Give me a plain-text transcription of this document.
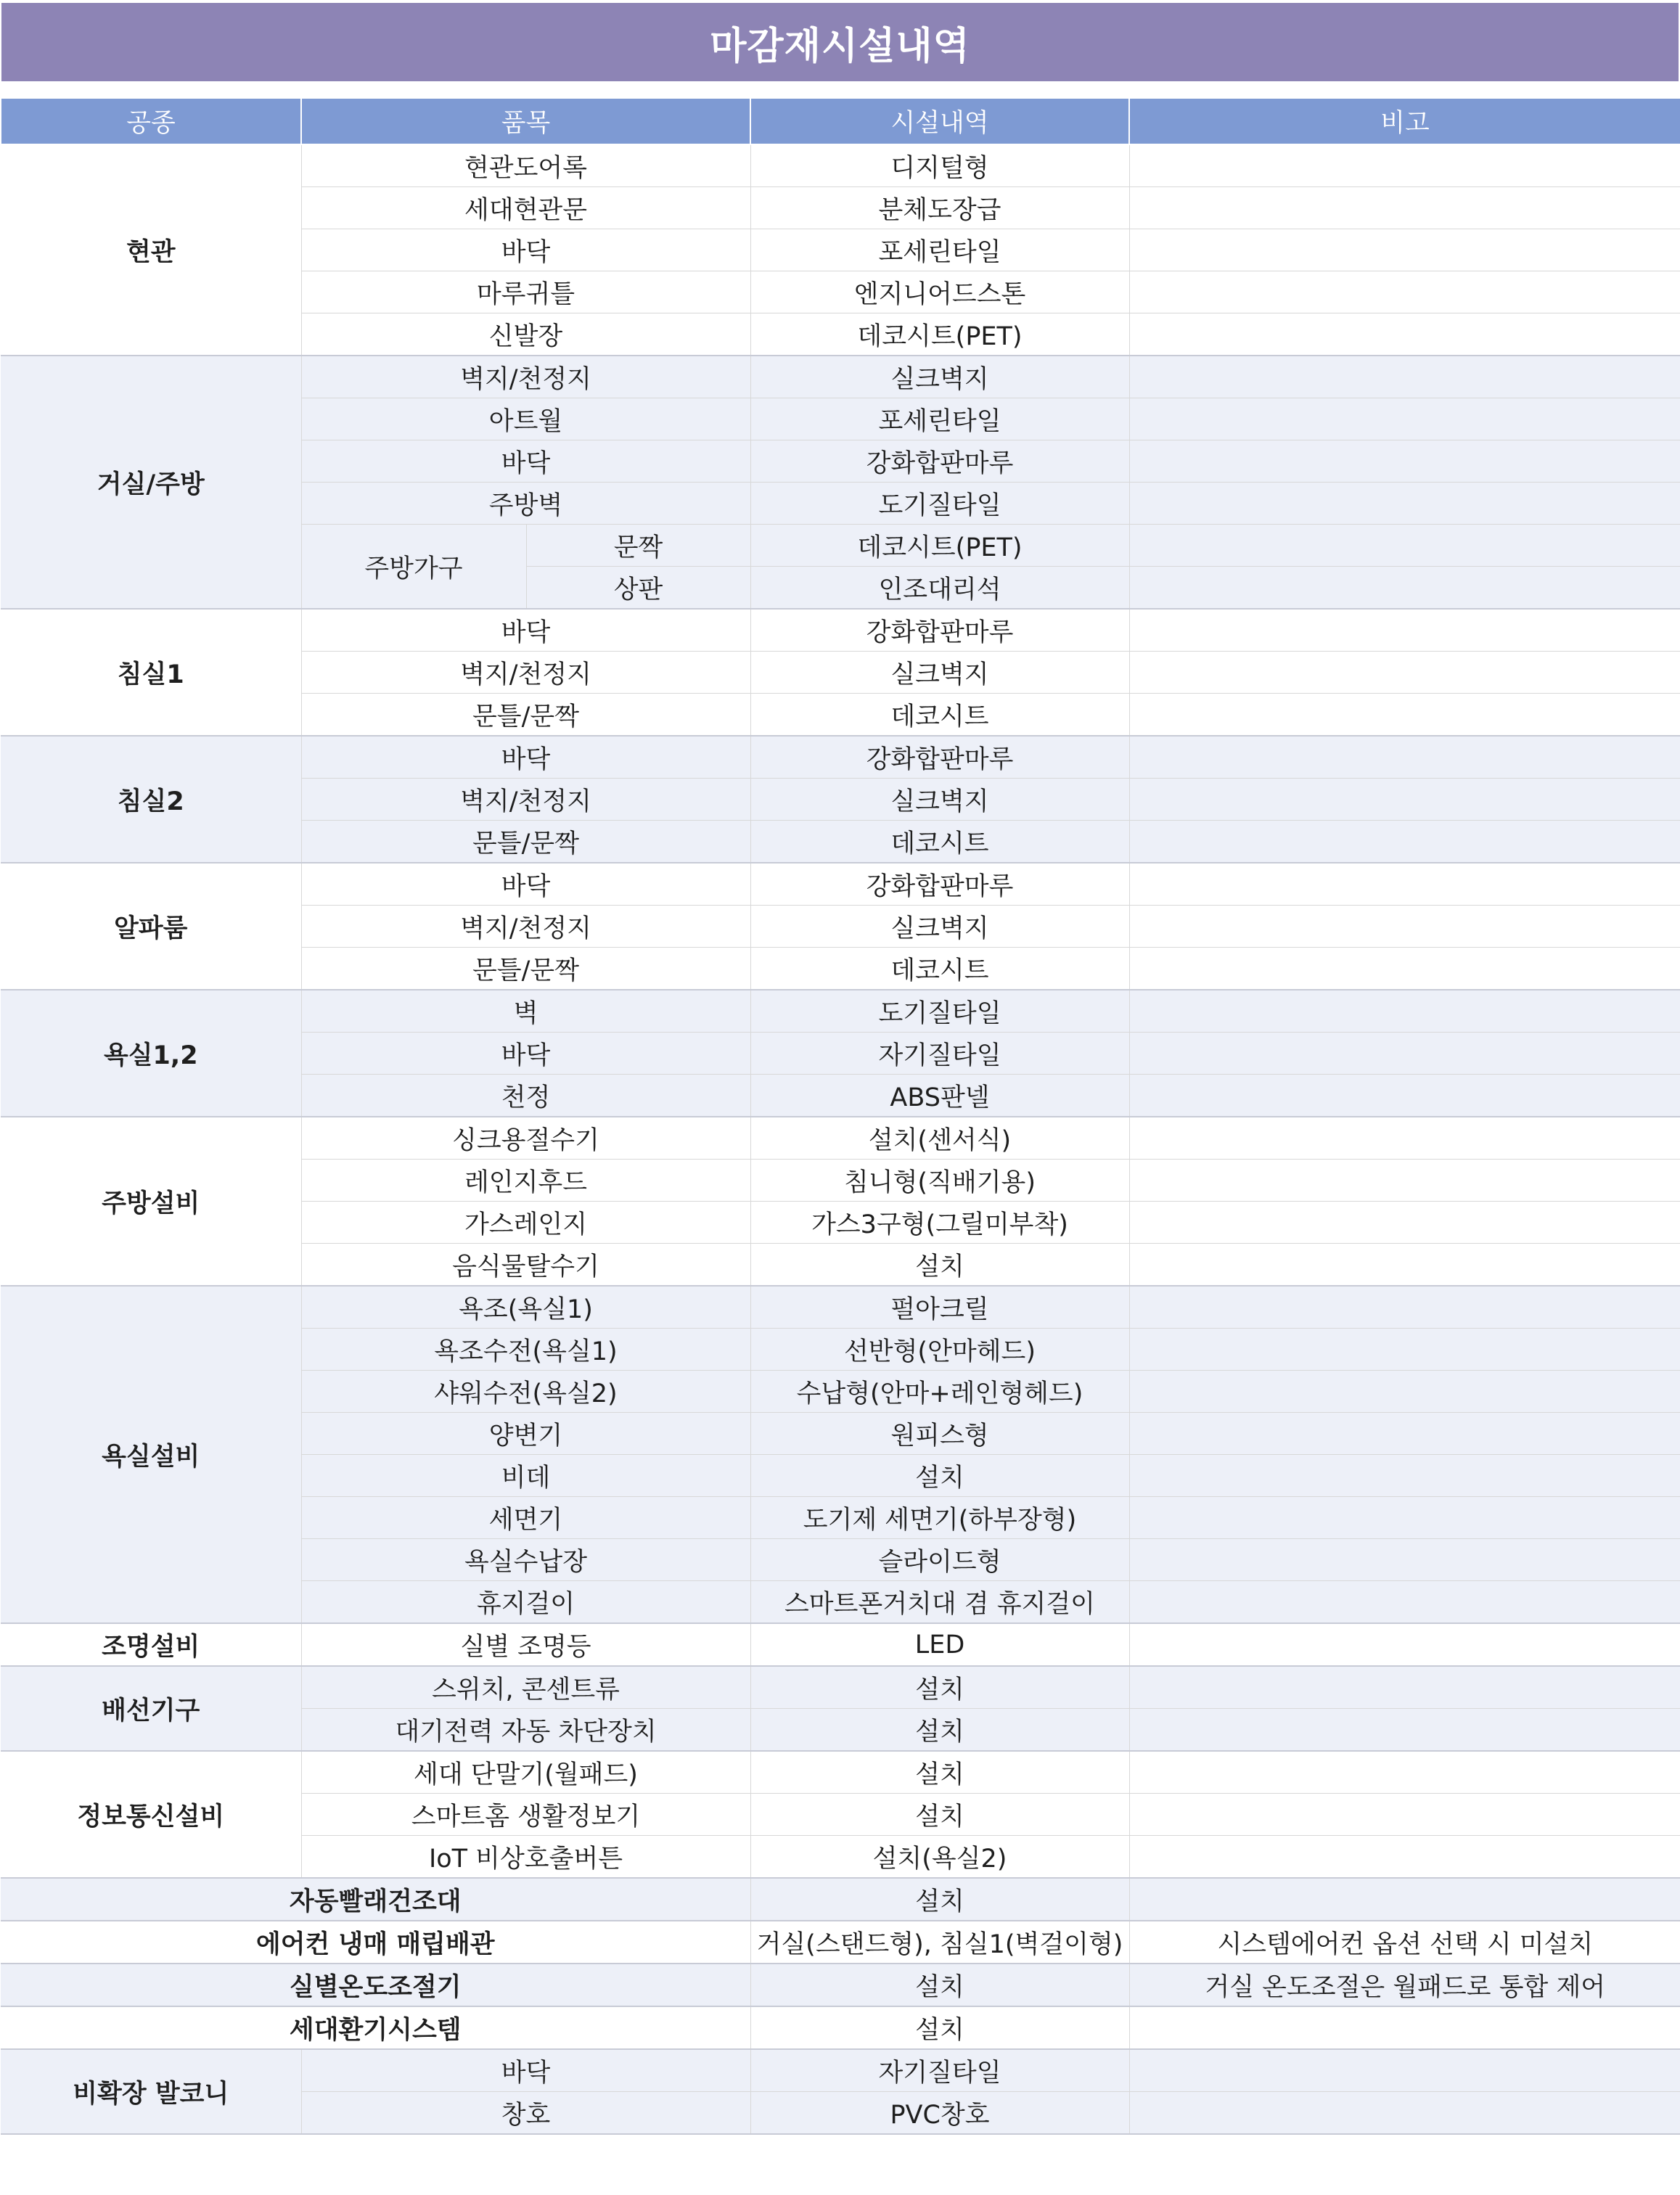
마감재시설내역
공종	품목		시설내역	비고
현관	현관도어록		디지털형	
	세대현관문		분체도장급	
	바닥		포세린타일	
	마루귀틀		엔지니어드스톤	
	신발장		데코시트(PET)	
거실/주방	벽지/천정지		실크벽지	
	아트월		포세린타일	
	바닥		강화합판마루	
	주방벽		도기질타일	
	주방가구	문짝	데코시트(PET)	
		상판	인조대리석	
침실1	바닥		강화합판마루	
	벽지/천정지		실크벽지	
	문틀/문짝		데코시트	
침실2	바닥		강화합판마루	
	벽지/천정지		실크벽지	
	문틀/문짝		데코시트	
알파룸	바닥		강화합판마루	
	벽지/천정지		실크벽지	
	문틀/문짝		데코시트	
욕실1,2	벽		도기질타일	
	바닥		자기질타일	
	천정		ABS판넬	
주방설비	싱크용절수기		설치(센서식)	
	레인지후드		침니형(직배기용)	
	가스레인지		가스3구형(그릴미부착)	
	음식물탈수기		설치	
욕실설비	욕조(욕실1)		펄아크릴	
	욕조수전(욕실1)		선반형(안마헤드)	
	샤워수전(욕실2)		수납형(안마+레인형헤드)	
	양변기		원피스형	
	비데		설치	
	세면기		도기제 세면기(하부장형)	
	욕실수납장		슬라이드형	
	휴지걸이		스마트폰거치대 겸 휴지걸이	
조명설비	실별 조명등		LED	
배선기구	스위치, 콘센트류		설치	
	대기전력 자동 차단장치		설치	
정보통신설비	세대 단말기(월패드)		설치	
	스마트홈 생활정보기		설치	
	IoT 비상호출버튼		설치(욕실2)	
자동빨래건조대			설치	
에어컨 냉매 매립배관			거실(스탠드형), 침실1(벽걸이형)	시스템에어컨 옵션 선택 시 미설치
실별온도조절기			설치	거실 온도조절은 월패드로 통합 제어
세대환기시스템			설치	
비확장 발코니	바닥		자기질타일	
	창호		PVC창호	
